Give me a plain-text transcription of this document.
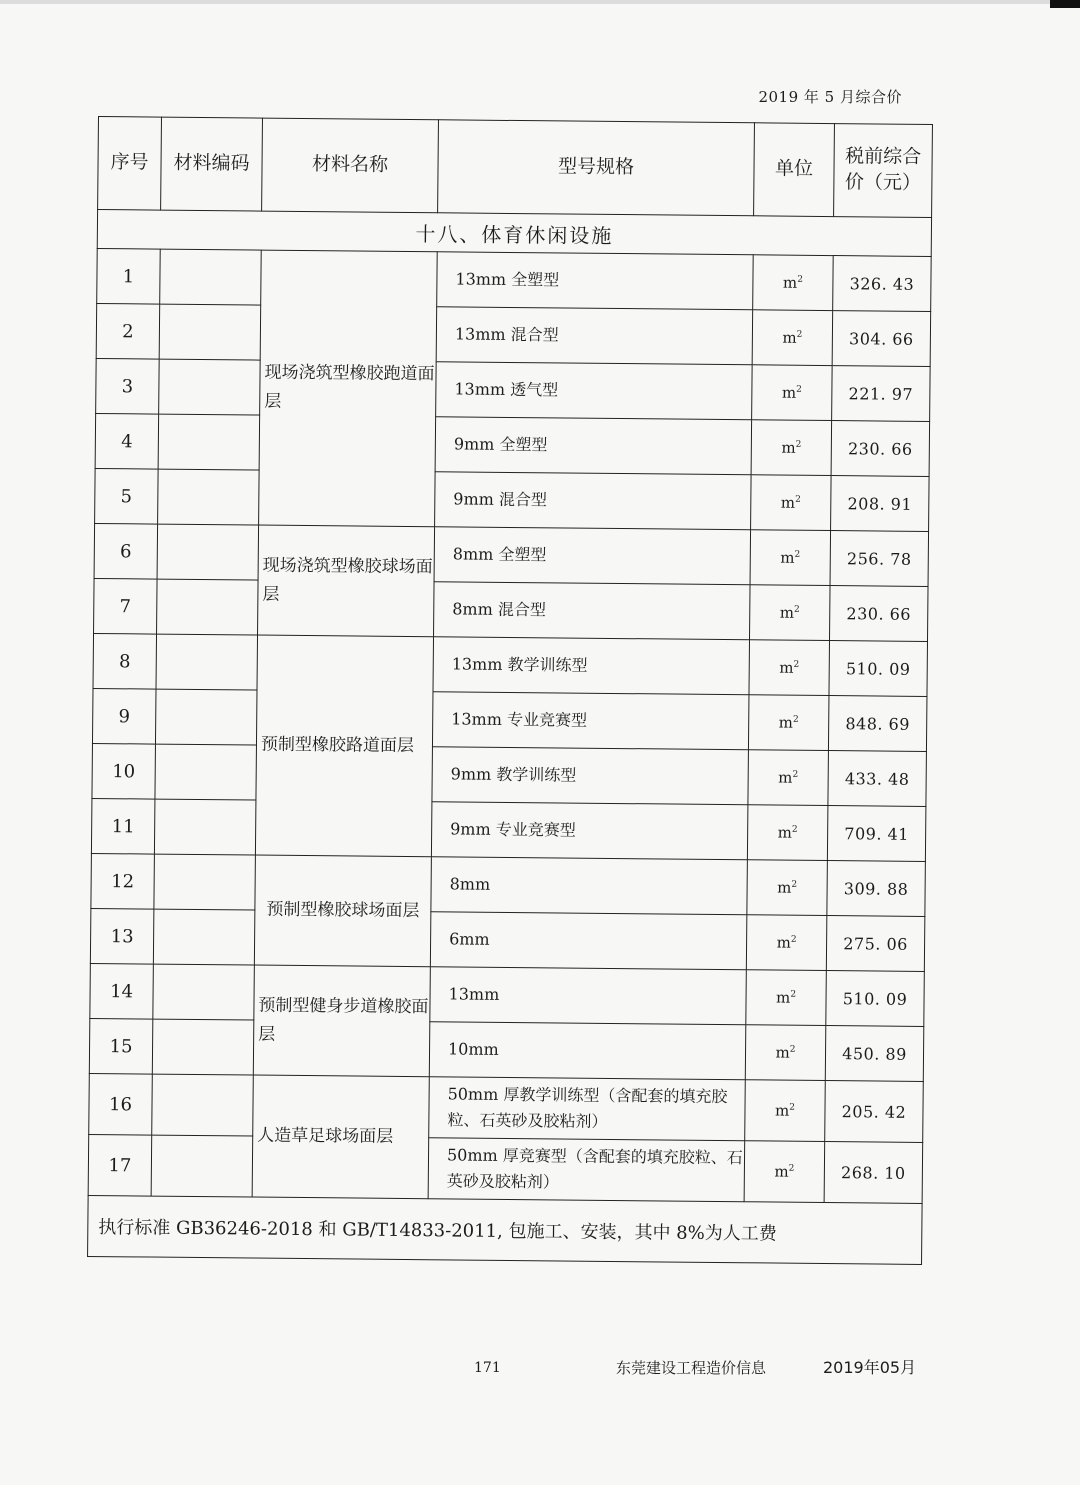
2019 年 5 月综合价
序号	材料编码	材料名称	型号规格	单位	税前综合价（元）
十八、体育休闲设施					
1		现场浇筑型橡胶跑道面层	13mm 全塑型	$m^2$	326. 43
2			13mm 混合型	$m^2$	304. 66
3			13mm 透气型	$m^2$	221. 97
4			9mm 全塑型	$m^2$	230. 66
5			9mm 混合型	$m^2$	208. 91
6		现场浇筑型橡胶球场面层	8mm 全塑型	$m^2$	256. 78
7			8mm 混合型	$m^2$	230. 66
8		预制型橡胶路道面层	13mm 教学训练型	$m^2$	510. 09
9			13mm 专业竞赛型	$m^2$	848. 69
10			9mm 教学训练型	$m^2$	433. 48
11			9mm 专业竞赛型	$m^2$	709. 41
12		预制型橡胶球场面层	8mm	$m^2$	309. 88
13			6mm	$m^2$	275. 06
14		预制型健身步道橡胶面层	13mm	$m^2$	510. 09
15			10mm	$m^2$	450. 89
16		人造草足球场面层	50mm 厚教学训练型（含配套的填充胶粒、石英砂及胶粘剂）	$m^2$	205. 42
17			50mm 厚竞赛型（含配套的填充胶粒、石英砂及胶粘剂）	$m^2$	268. 10
执行标准 GB36246-2018 和 GB/T14833-2011, 包施工、安装，其中 8%为人工费					
171	东莞建设工程造价信息	2019年05月
